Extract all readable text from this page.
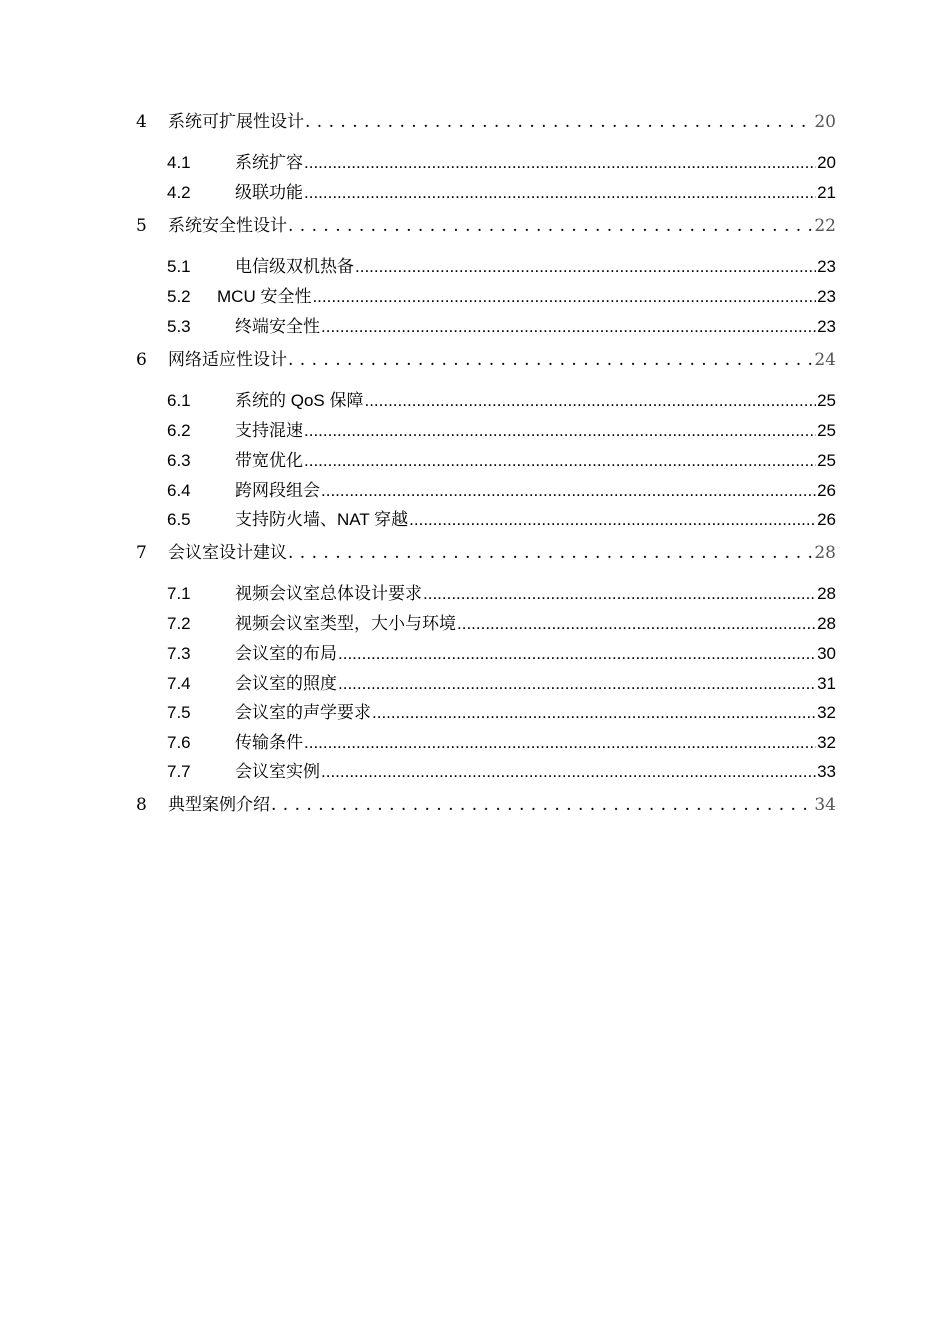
4	系统可扩展性设计 . . .	20
4.1	系统扩容 .....	20
4.2	级联功能 .....	21
5	系统安全性设计 . . .	22
5.1	电信级双机热备 .....	23
5.2	MCU 安全性 .....	23
5.3	终端安全性 .....	23
6	网络适应性设计 . . .	24
6.1	系统的 QoS 保障 .....	25
6.2	支持混速 .....	25
6.3	带宽优化 .....	25
6.4	跨网段组会 .....	26
6.5	支持防火墙、NAT 穿越 .....	26
7	会议室设计建议 . . .	28
7.1	视频会议室总体设计要求 .....	28
7.2	视频会议室类型，大小与环境 .....	28
7.3	会议室的布局 .....	30
7.4	会议室的照度 .....	31
7.5	会议室的声学要求 .....	32
7.6	传输条件 .....	32
7.7	会议室实例 .....	33
8	典型案例介绍 . . .	34
